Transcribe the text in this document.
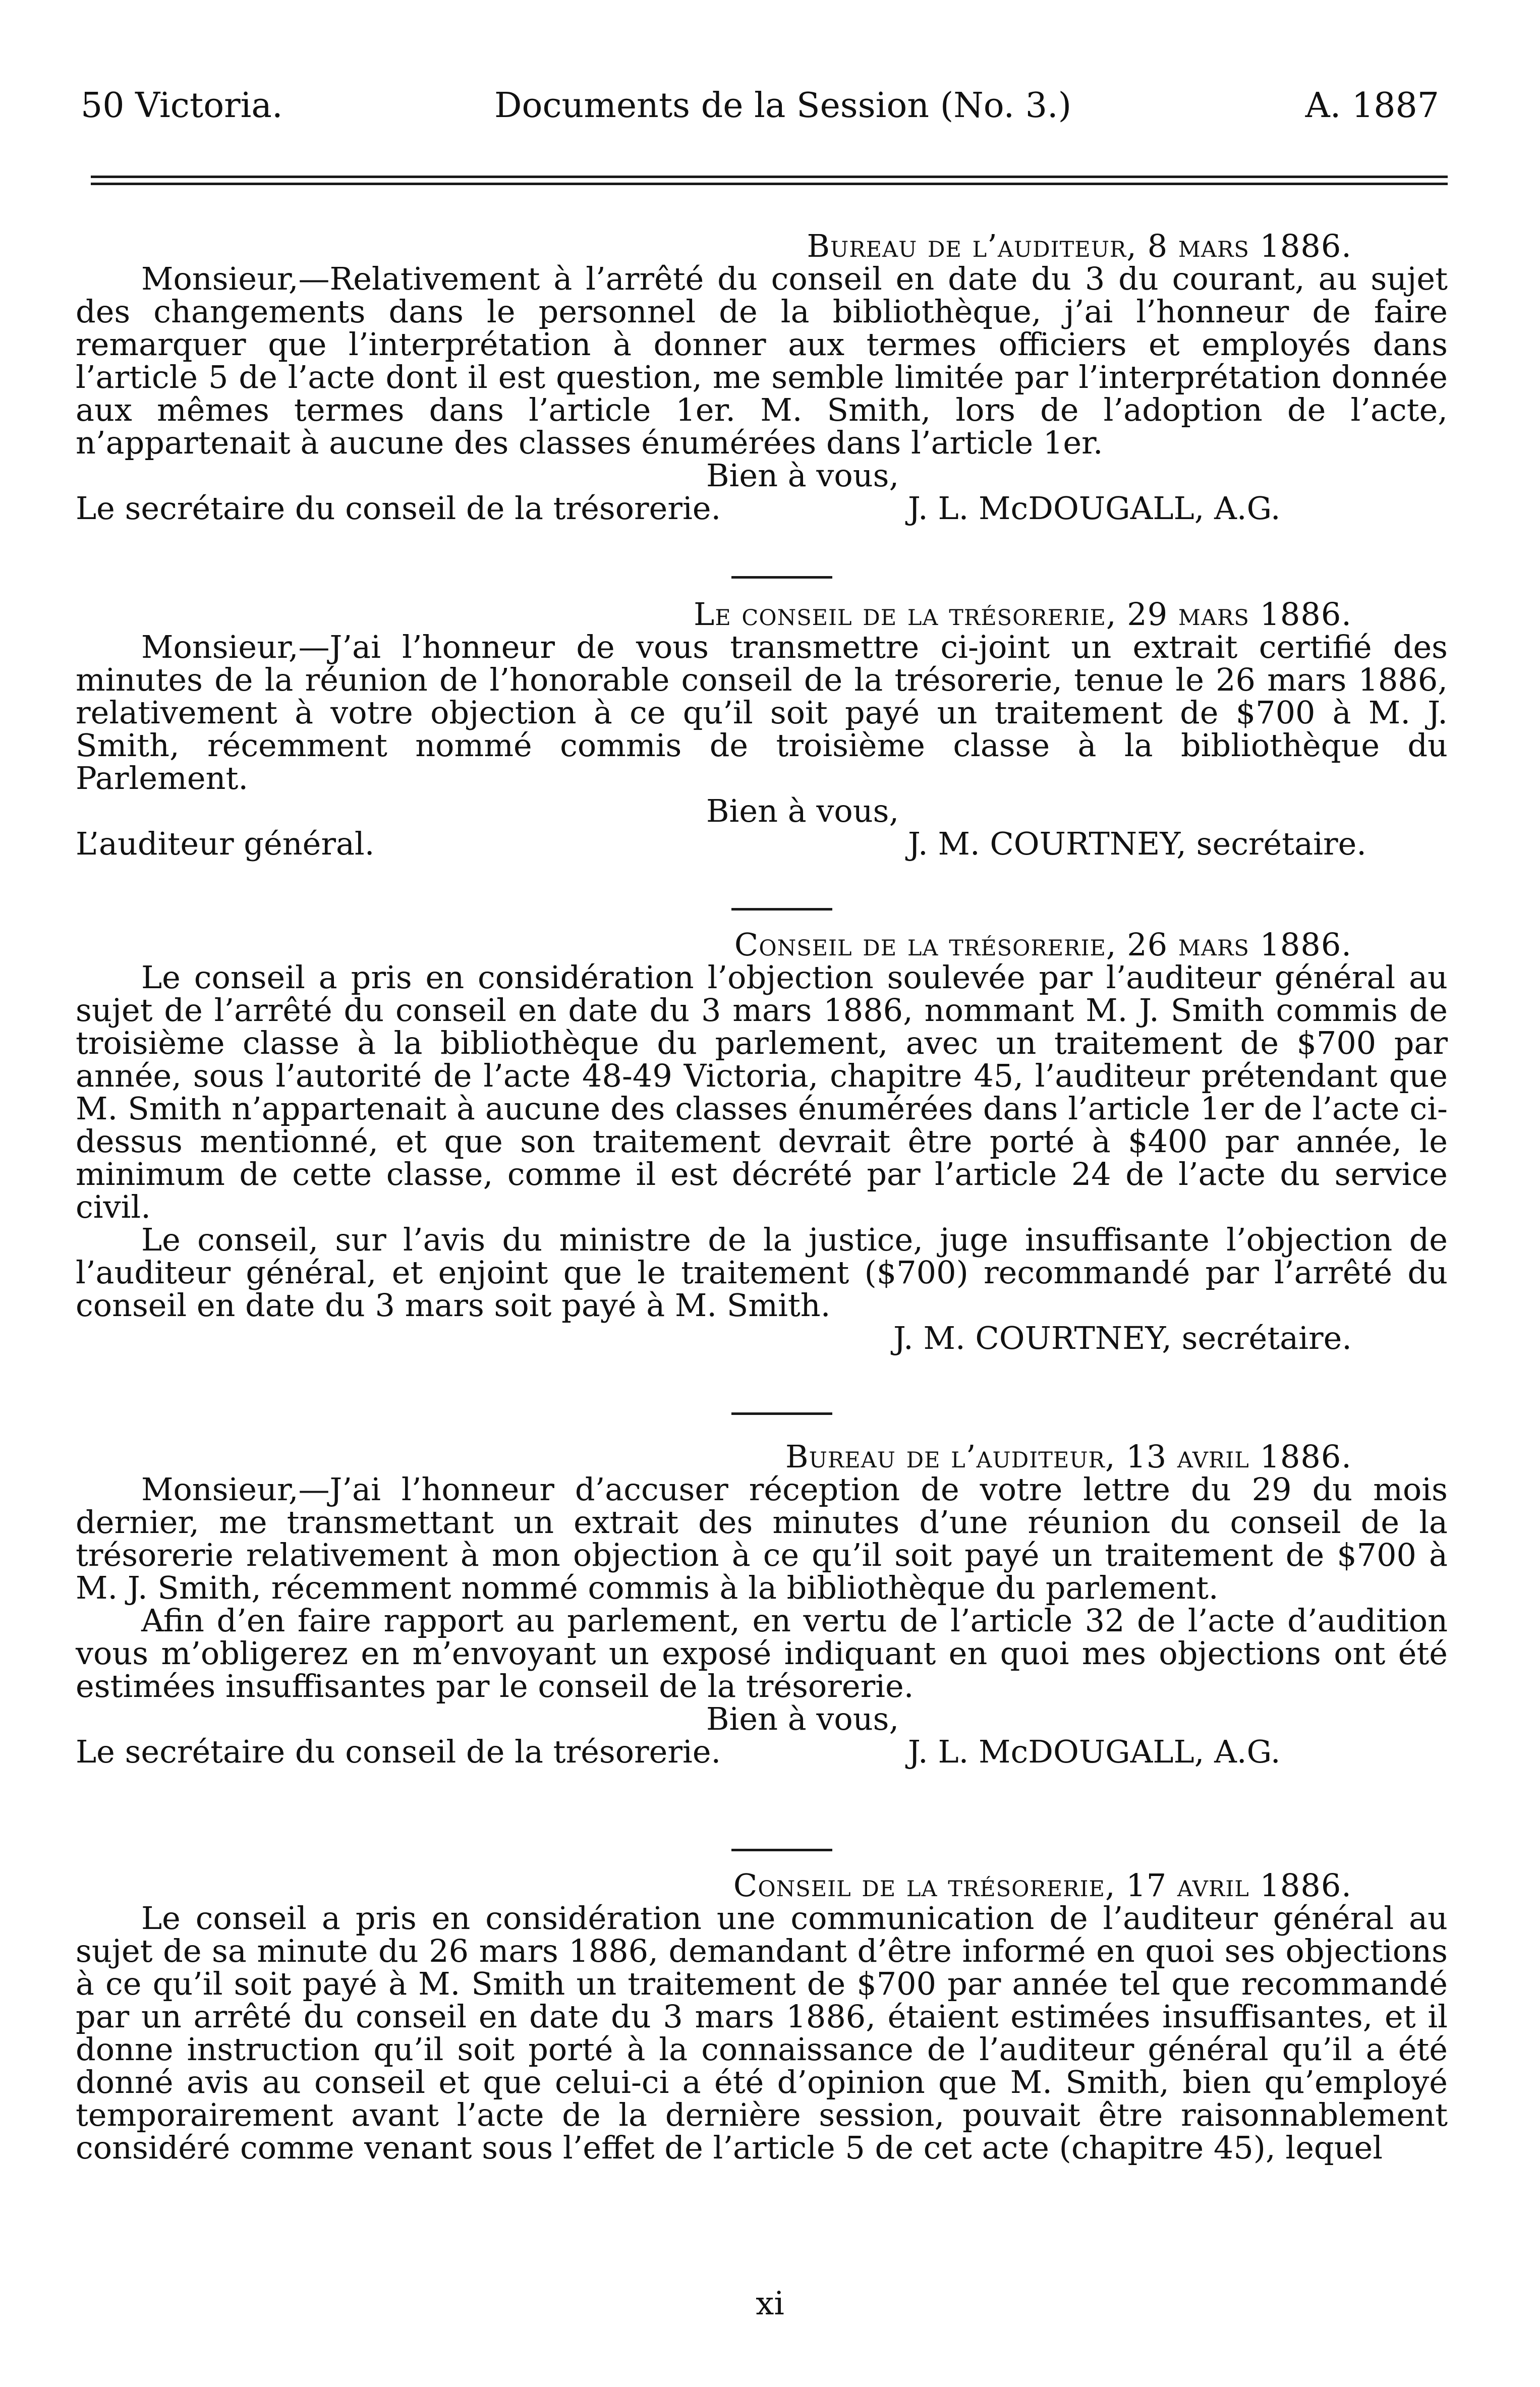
50 Victoria.	Documents de la Session (No. 3.)	A. 1887
Bureau de l’auditeur, 8 mars 1886.

Monsieur,—Relativement à l’arrêté du conseil en date du 3 du courant, au sujet des changements dans le personnel de la bibliothèque, j’ai l’honneur de faire remarquer que l’interprétation à donner aux termes officiers et employés dans l’article 5 de l’acte dont il est question, me semble limitée par l’interprétation donnée aux mêmes termes dans l’article 1er. M. Smith, lors de l’adoption de l’acte, n’appartenait à aucune des classes énumérées dans l’article 1er.

Bien à vous,
Le secrétaire du conseil de la trésorerie.	J. L. McDOUGALL, A.G.
Le conseil de la trésorerie, 29 mars 1886.

Monsieur,—J’ai l’honneur de vous transmettre ci-joint un extrait certifié des minutes de la réunion de l’honorable conseil de la trésorerie, tenue le 26 mars 1886, relativement à votre objection à ce qu’il soit payé un traitement de $700 à M. J. Smith, récemment nommé commis de troisième classe à la bibliothèque du Parlement.

Bien à vous,
L’auditeur général.	J. M. COURTNEY, secrétaire.
Conseil de la trésorerie, 26 mars 1886.

Le conseil a pris en considération l’objection soulevée par l’auditeur général au sujet de l’arrêté du conseil en date du 3 mars 1886, nommant M. J. Smith commis de troisième classe à la bibliothèque du parlement, avec un traitement de $700 par année, sous l’autorité de l’acte 48-49 Victoria, chapitre 45, l’auditeur prétendant que M. Smith n’appartenait à aucune des classes énumérées dans l’article 1er de l’acte ci-dessus mentionné, et que son traitement devrait être porté à $400 par année, le minimum de cette classe, comme il est décrété par l’article 24 de l’acte du service civil.

Le conseil, sur l’avis du ministre de la justice, juge insuffisante l’objection de l’auditeur général, et enjoint que le traitement ($700) recommandé par l’arrêté du conseil en date du 3 mars soit payé à M. Smith.

J. M. COURTNEY, secrétaire.
Bureau de l’auditeur, 13 avril 1886.

Monsieur,—J’ai l’honneur d’accuser réception de votre lettre du 29 du mois dernier, me transmettant un extrait des minutes d’une réunion du conseil de la trésorerie relativement à mon objection à ce qu’il soit payé un traitement de $700 à M. J. Smith, récemment nommé commis à la bibliothèque du parlement.

Afin d’en faire rapport au parlement, en vertu de l’article 32 de l’acte d’audition vous m’obligerez en m’envoyant un exposé indiquant en quoi mes objections ont été estimées insuffisantes par le conseil de la trésorerie.

Bien à vous,
Le secrétaire du conseil de la trésorerie.	J. L. McDOUGALL, A.G.
Conseil de la trésorerie, 17 avril 1886.

Le conseil a pris en considération une communication de l’auditeur général au sujet de sa minute du 26 mars 1886, demandant d’être informé en quoi ses objections à ce qu’il soit payé à M. Smith un traitement de $700 par année tel que recommandé par un arrêté du conseil en date du 3 mars 1886, étaient estimées insuffisantes, et il donne instruction qu’il soit porté à la connaissance de l’auditeur général qu’il a été donné avis au conseil et que celui-ci a été d’opinion que M. Smith, bien qu’employé temporairement avant l’acte de la dernière session, pouvait être raisonnablement considéré comme venant sous l’effet de l’article 5 de cet acte (chapitre 45), lequel

xi
